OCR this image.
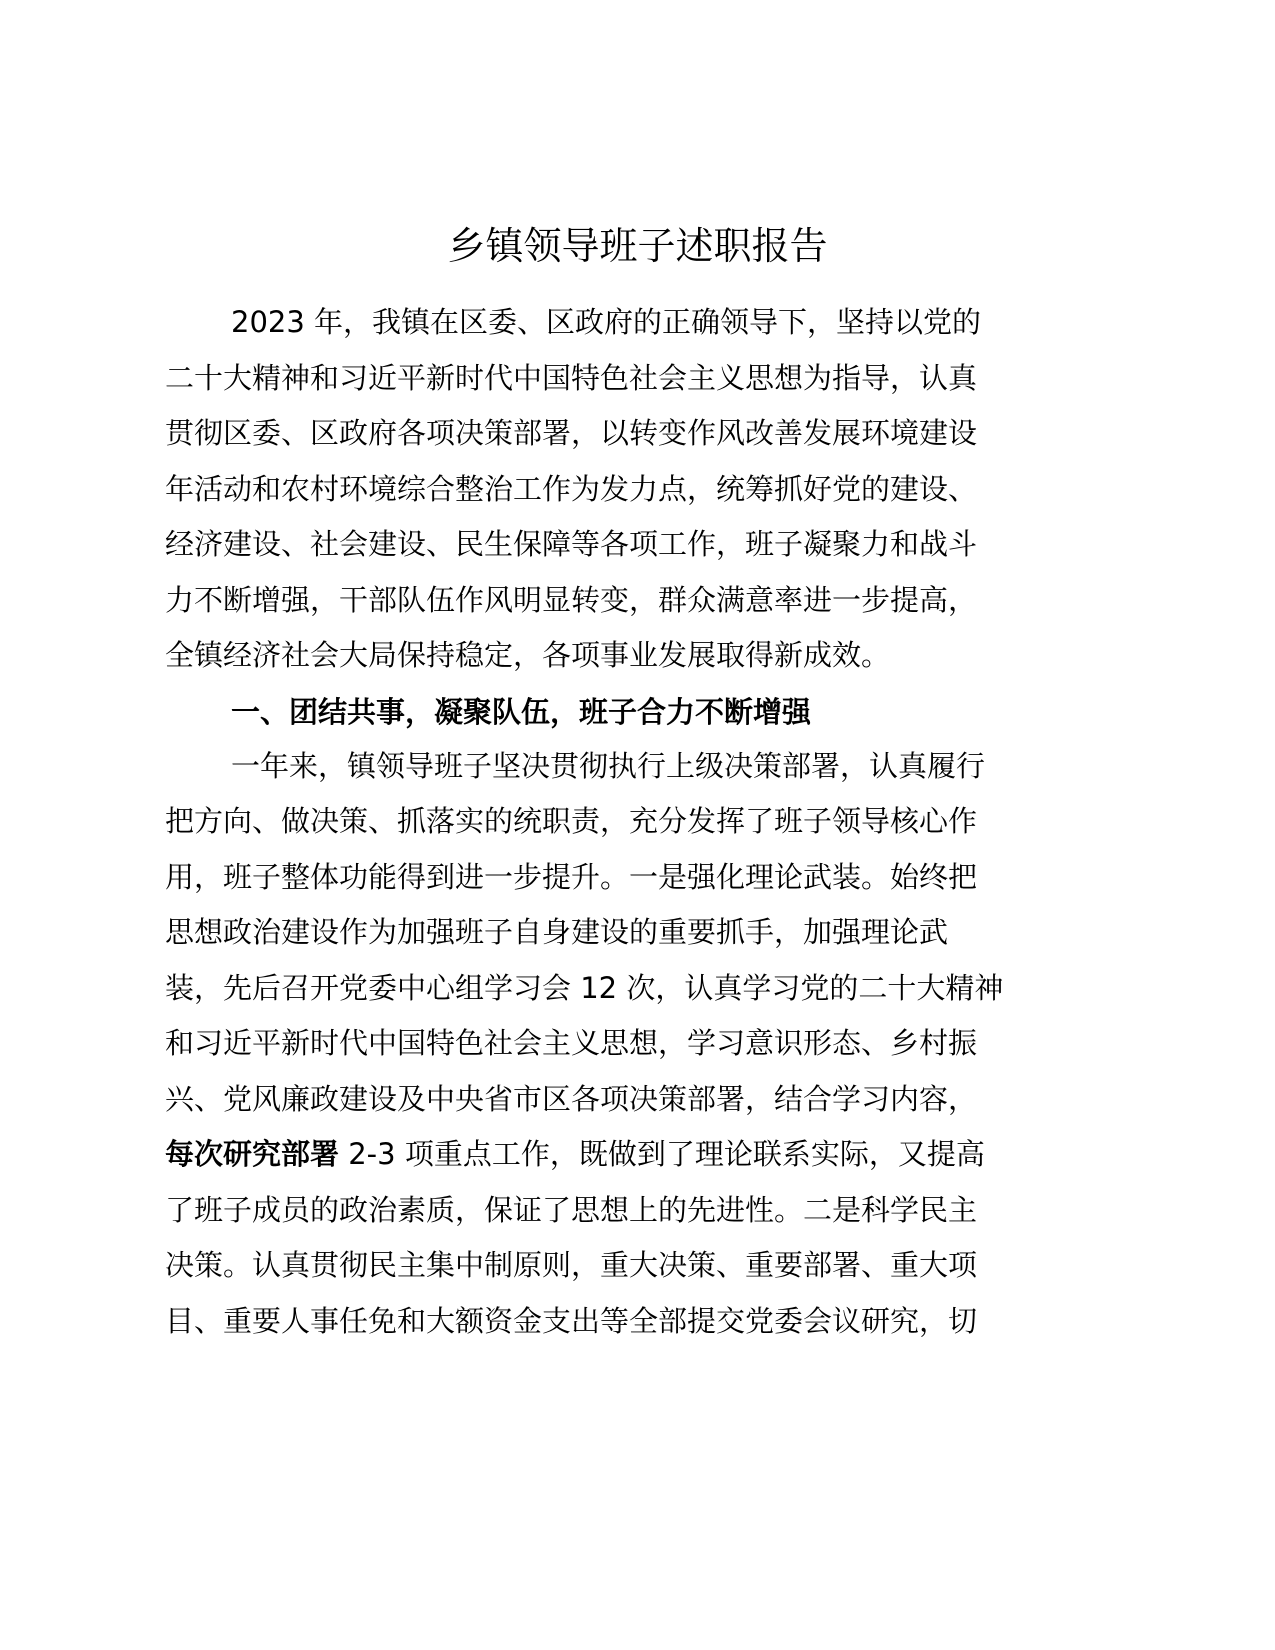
乡镇领导班子述职报告
2023 年，我镇在区委、区政府的正确领导下，坚持以党的
二十大精神和习近平新时代中国特色社会主义思想为指导，认真
贯彻区委、区政府各项决策部署，以转变作风改善发展环境建设
年活动和农村环境综合整治工作为发力点，统筹抓好党的建设、
经济建设、社会建设、民生保障等各项工作，班子凝聚力和战斗
力不断增强，干部队伍作风明显转变，群众满意率进一步提高，
全镇经济社会大局保持稳定，各项事业发展取得新成效。
一、团结共事，凝聚队伍，班子合力不断增强
一年来，镇领导班子坚决贯彻执行上级决策部署，认真履行
把方向、做决策、抓落实的统职责，充分发挥了班子领导核心作
用，班子整体功能得到进一步提升。一是强化理论武装。始终把
思想政治建设作为加强班子自身建设的重要抓手，加强理论武
装，先后召开党委中心组学习会 12 次，认真学习党的二十大精神
和习近平新时代中国特色社会主义思想，学习意识形态、乡村振
兴、党风廉政建设及中央省市区各项决策部署，结合学习内容，
每次研究部署 2-3 项重点工作，既做到了理论联系实际，又提高
了班子成员的政治素质，保证了思想上的先进性。二是科学民主
决策。认真贯彻民主集中制原则，重大决策、重要部署、重大项
目、重要人事任免和大额资金支出等全部提交党委会议研究，切
